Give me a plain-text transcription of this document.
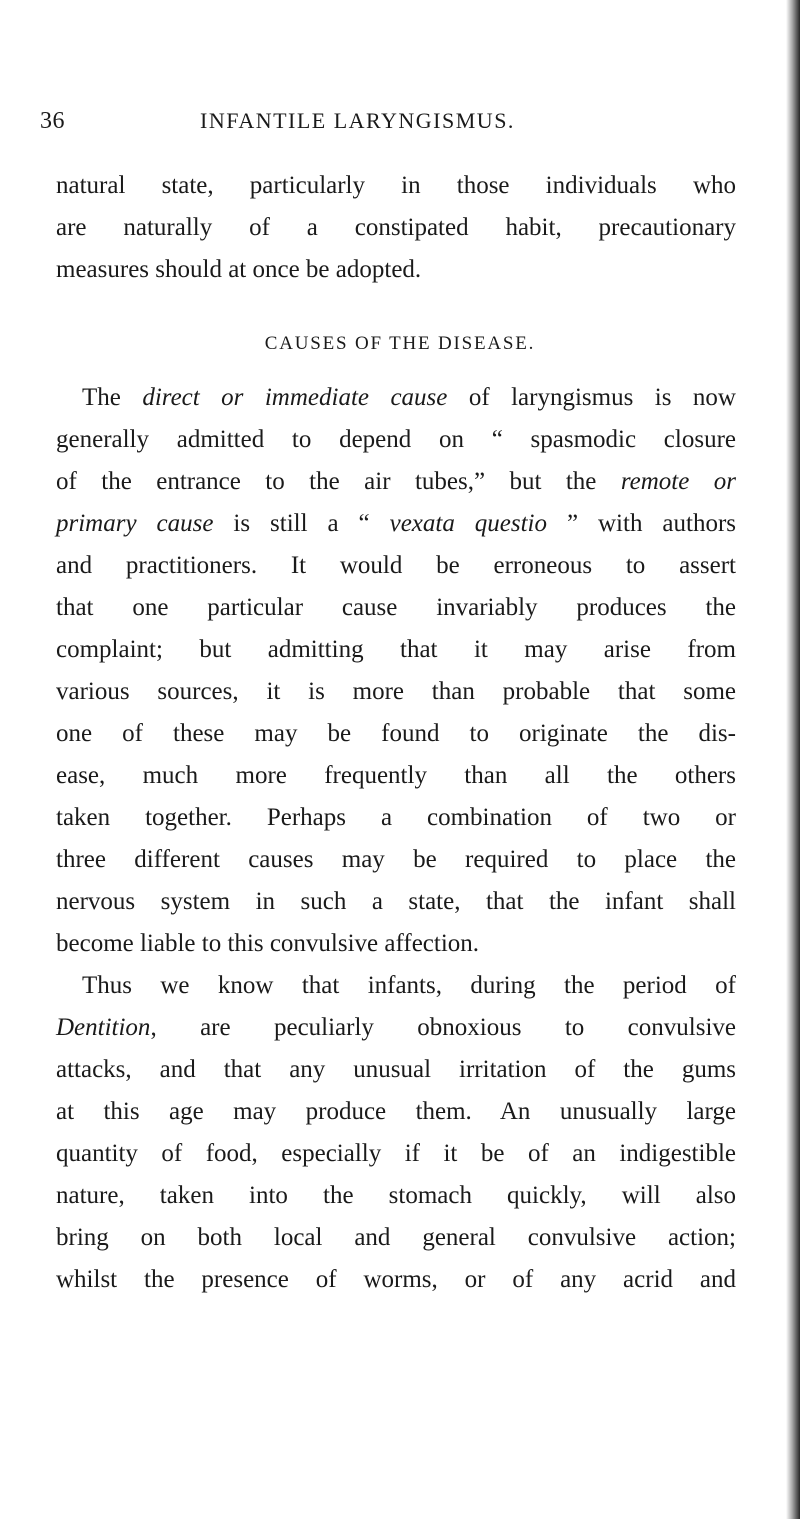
36	INFANTILE LARYNGISMUS.
natural state, particularly in those individuals who
are naturally of a constipated habit, precautionary
measures should at once be adopted.
CAUSES OF THE DISEASE.
The direct or immediate cause of laryngismus is now
generally admitted to depend on “ spasmodic closure
of the entrance to the air tubes,” but the remote or
primary cause is still a “ vexata questio ” with authors
and practitioners. It would be erroneous to assert
that one particular cause invariably produces the
complaint; but admitting that it may arise from
various sources, it is more than probable that some
one of these may be found to originate the dis-
ease, much more frequently than all the others
taken together. Perhaps a combination of two or
three different causes may be required to place the
nervous system in such a state, that the infant shall
become liable to this convulsive affection.
Thus we know that infants, during the period of
Dentition, are peculiarly obnoxious to convulsive
attacks, and that any unusual irritation of the gums
at this age may produce them. An unusually large
quantity of food, especially if it be of an indigestible
nature, taken into the stomach quickly, will also
bring on both local and general convulsive action;
whilst the presence of worms, or of any acrid and
